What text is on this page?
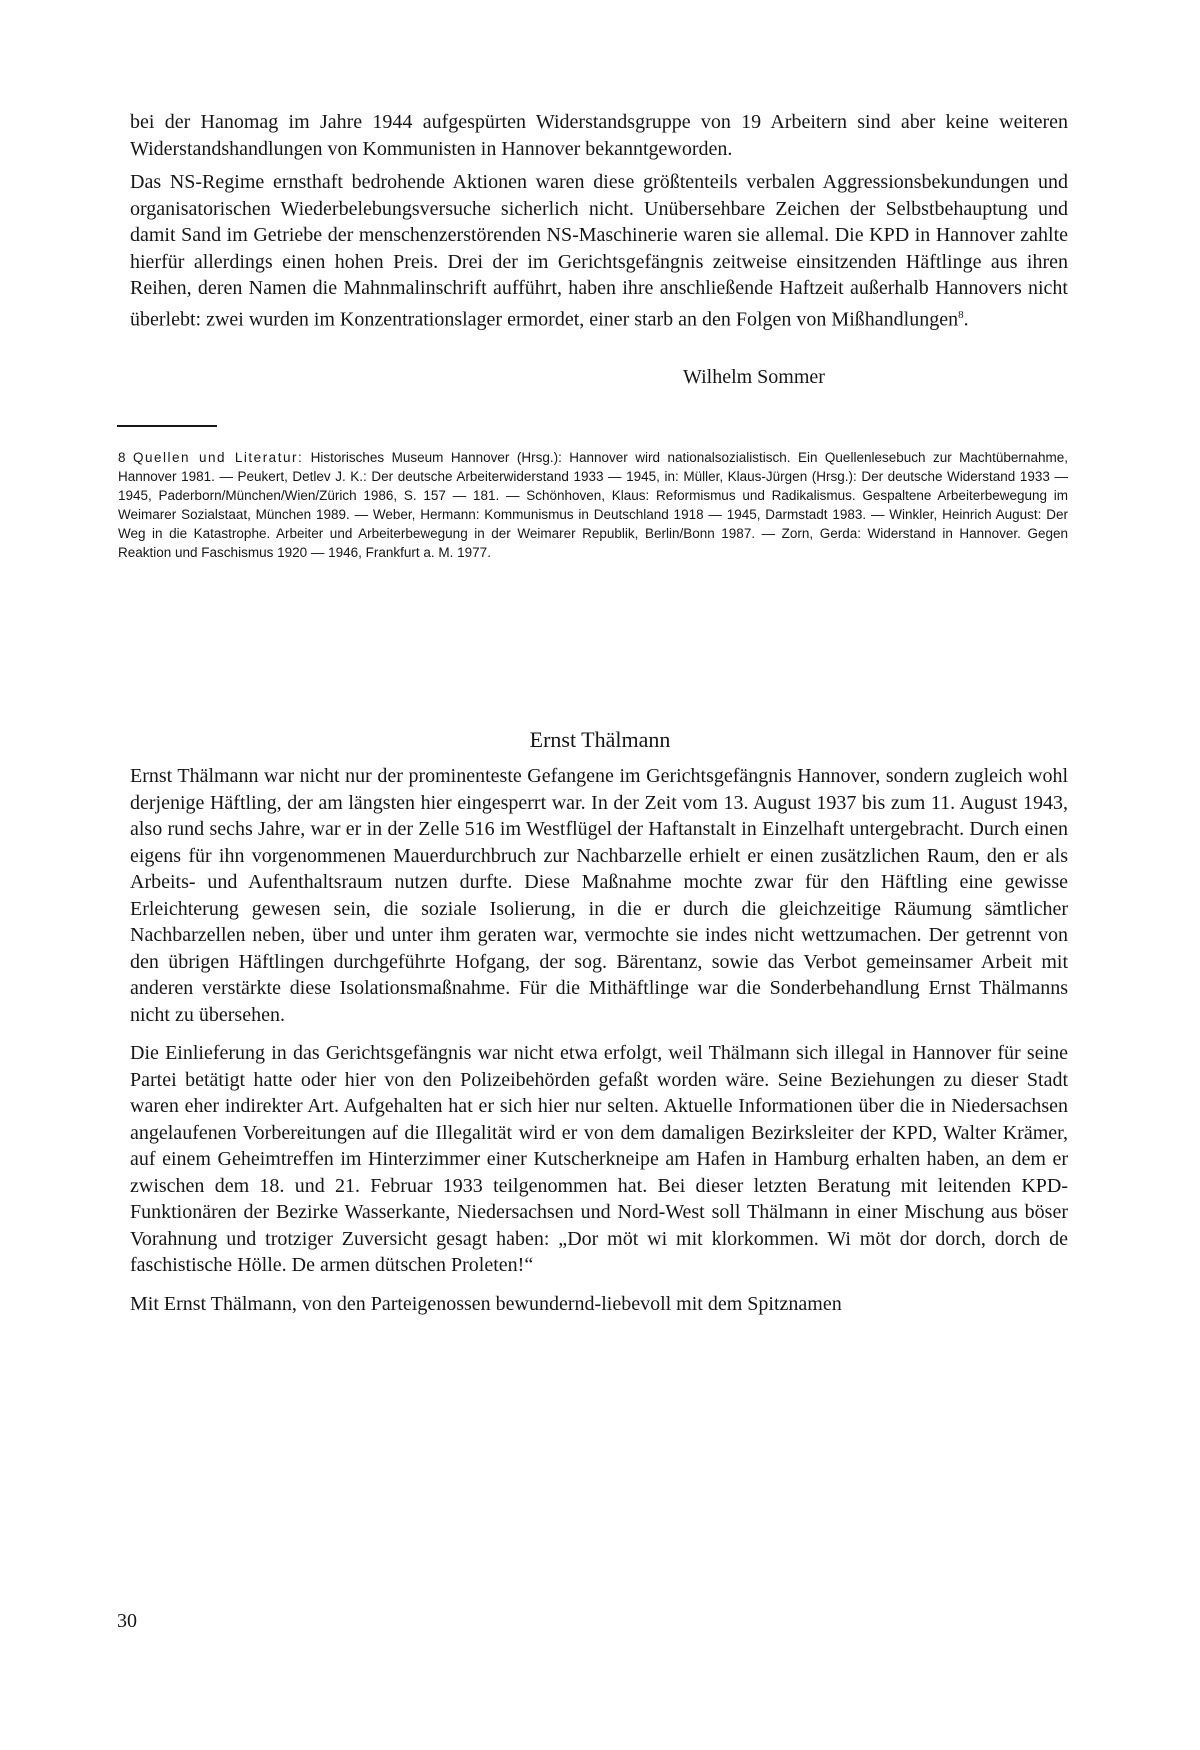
bei der Hanomag im Jahre 1944 aufgespürten Widerstandsgruppe von 19 Arbeitern sind aber keine weiteren Widerstandshandlungen von Kommunisten in Hannover bekanntgeworden.

Das NS-Regime ernsthaft bedrohende Aktionen waren diese größtenteils verbalen Aggressionsbekundungen und organisatorischen Wiederbelebungsversuche sicherlich nicht. Unübersehbare Zeichen der Selbstbehauptung und damit Sand im Getriebe der menschenzerstörenden NS-Maschinerie waren sie allemal. Die KPD in Hannover zahlte hierfür allerdings einen hohen Preis. Drei der im Gerichtsgefängnis zeitweise einsitzenden Häftlinge aus ihren Reihen, deren Namen die Mahnmalinschrift aufführt, haben ihre anschließende Haftzeit außerhalb Hannovers nicht überlebt: zwei wurden im Konzentrationslager ermordet, einer starb an den Folgen von Mißhandlungen$^8$.

Wilhelm Sommer

8 Quellen und Literatur: Historisches Museum Hannover (Hrsg.): Hannover wird nationalsozialistisch. Ein Quellenlesebuch zur Machtübernahme, Hannover 1981. — Peukert, Detlev J. K.: Der deutsche Arbeiterwiderstand 1933 — 1945, in: Müller, Klaus-Jürgen (Hrsg.): Der deutsche Widerstand 1933 — 1945, Paderborn/München/Wien/Zürich 1986, S. 157 — 181. — Schönhoven, Klaus: Reformismus und Radikalismus. Gespaltene Arbeiterbewegung im Weimarer Sozialstaat, München 1989. — Weber, Hermann: Kommunismus in Deutschland 1918 — 1945, Darmstadt 1983. — Winkler, Heinrich August: Der Weg in die Katastrophe. Arbeiter und Arbeiterbewegung in der Weimarer Republik, Berlin/Bonn 1987. — Zorn, Gerda: Widerstand in Hannover. Gegen Reaktion und Faschismus 1920 — 1946, Frankfurt a. M. 1977.

Ernst Thälmann

Ernst Thälmann war nicht nur der prominenteste Gefangene im Gerichtsgefängnis Hannover, sondern zugleich wohl derjenige Häftling, der am längsten hier eingesperrt war. In der Zeit vom 13. August 1937 bis zum 11. August 1943, also rund sechs Jahre, war er in der Zelle 516 im Westflügel der Haftanstalt in Einzelhaft untergebracht. Durch einen eigens für ihn vorgenommenen Mauerdurchbruch zur Nachbarzelle erhielt er einen zusätzlichen Raum, den er als Arbeits- und Aufenthaltsraum nutzen durfte. Diese Maßnahme mochte zwar für den Häftling eine gewisse Erleichterung gewesen sein, die soziale Isolierung, in die er durch die gleichzeitige Räumung sämtlicher Nachbarzellen neben, über und unter ihm geraten war, vermochte sie indes nicht wettzumachen. Der getrennt von den übrigen Häftlingen durchgeführte Hofgang, der sog. Bärentanz, sowie das Verbot gemeinsamer Arbeit mit anderen verstärkte diese Isolationsmaßnahme. Für die Mithäftlinge war die Sonderbehandlung Ernst Thälmanns nicht zu übersehen.

Die Einlieferung in das Gerichtsgefängnis war nicht etwa erfolgt, weil Thälmann sich illegal in Hannover für seine Partei betätigt hatte oder hier von den Polizeibehörden gefaßt worden wäre. Seine Beziehungen zu dieser Stadt waren eher indirekter Art. Aufgehalten hat er sich hier nur selten. Aktuelle Informationen über die in Niedersachsen angelaufenen Vorbereitungen auf die Illegalität wird er von dem damaligen Bezirksleiter der KPD, Walter Krämer, auf einem Geheimtreffen im Hinterzimmer einer Kutscherkneipe am Hafen in Hamburg erhalten haben, an dem er zwischen dem 18. und 21. Februar 1933 teilgenommen hat. Bei dieser letzten Beratung mit leitenden KPD-Funktionären der Bezirke Wasserkante, Niedersachsen und Nord-West soll Thälmann in einer Mischung aus böser Vorahnung und trotziger Zuversicht gesagt haben: „Dor möt wi mit klorkommen. Wi möt dor dorch, dorch de faschistische Hölle. De armen dütschen Proleten!“

Mit Ernst Thälmann, von den Parteigenossen bewundernd-liebevoll mit dem Spitznamen

30
